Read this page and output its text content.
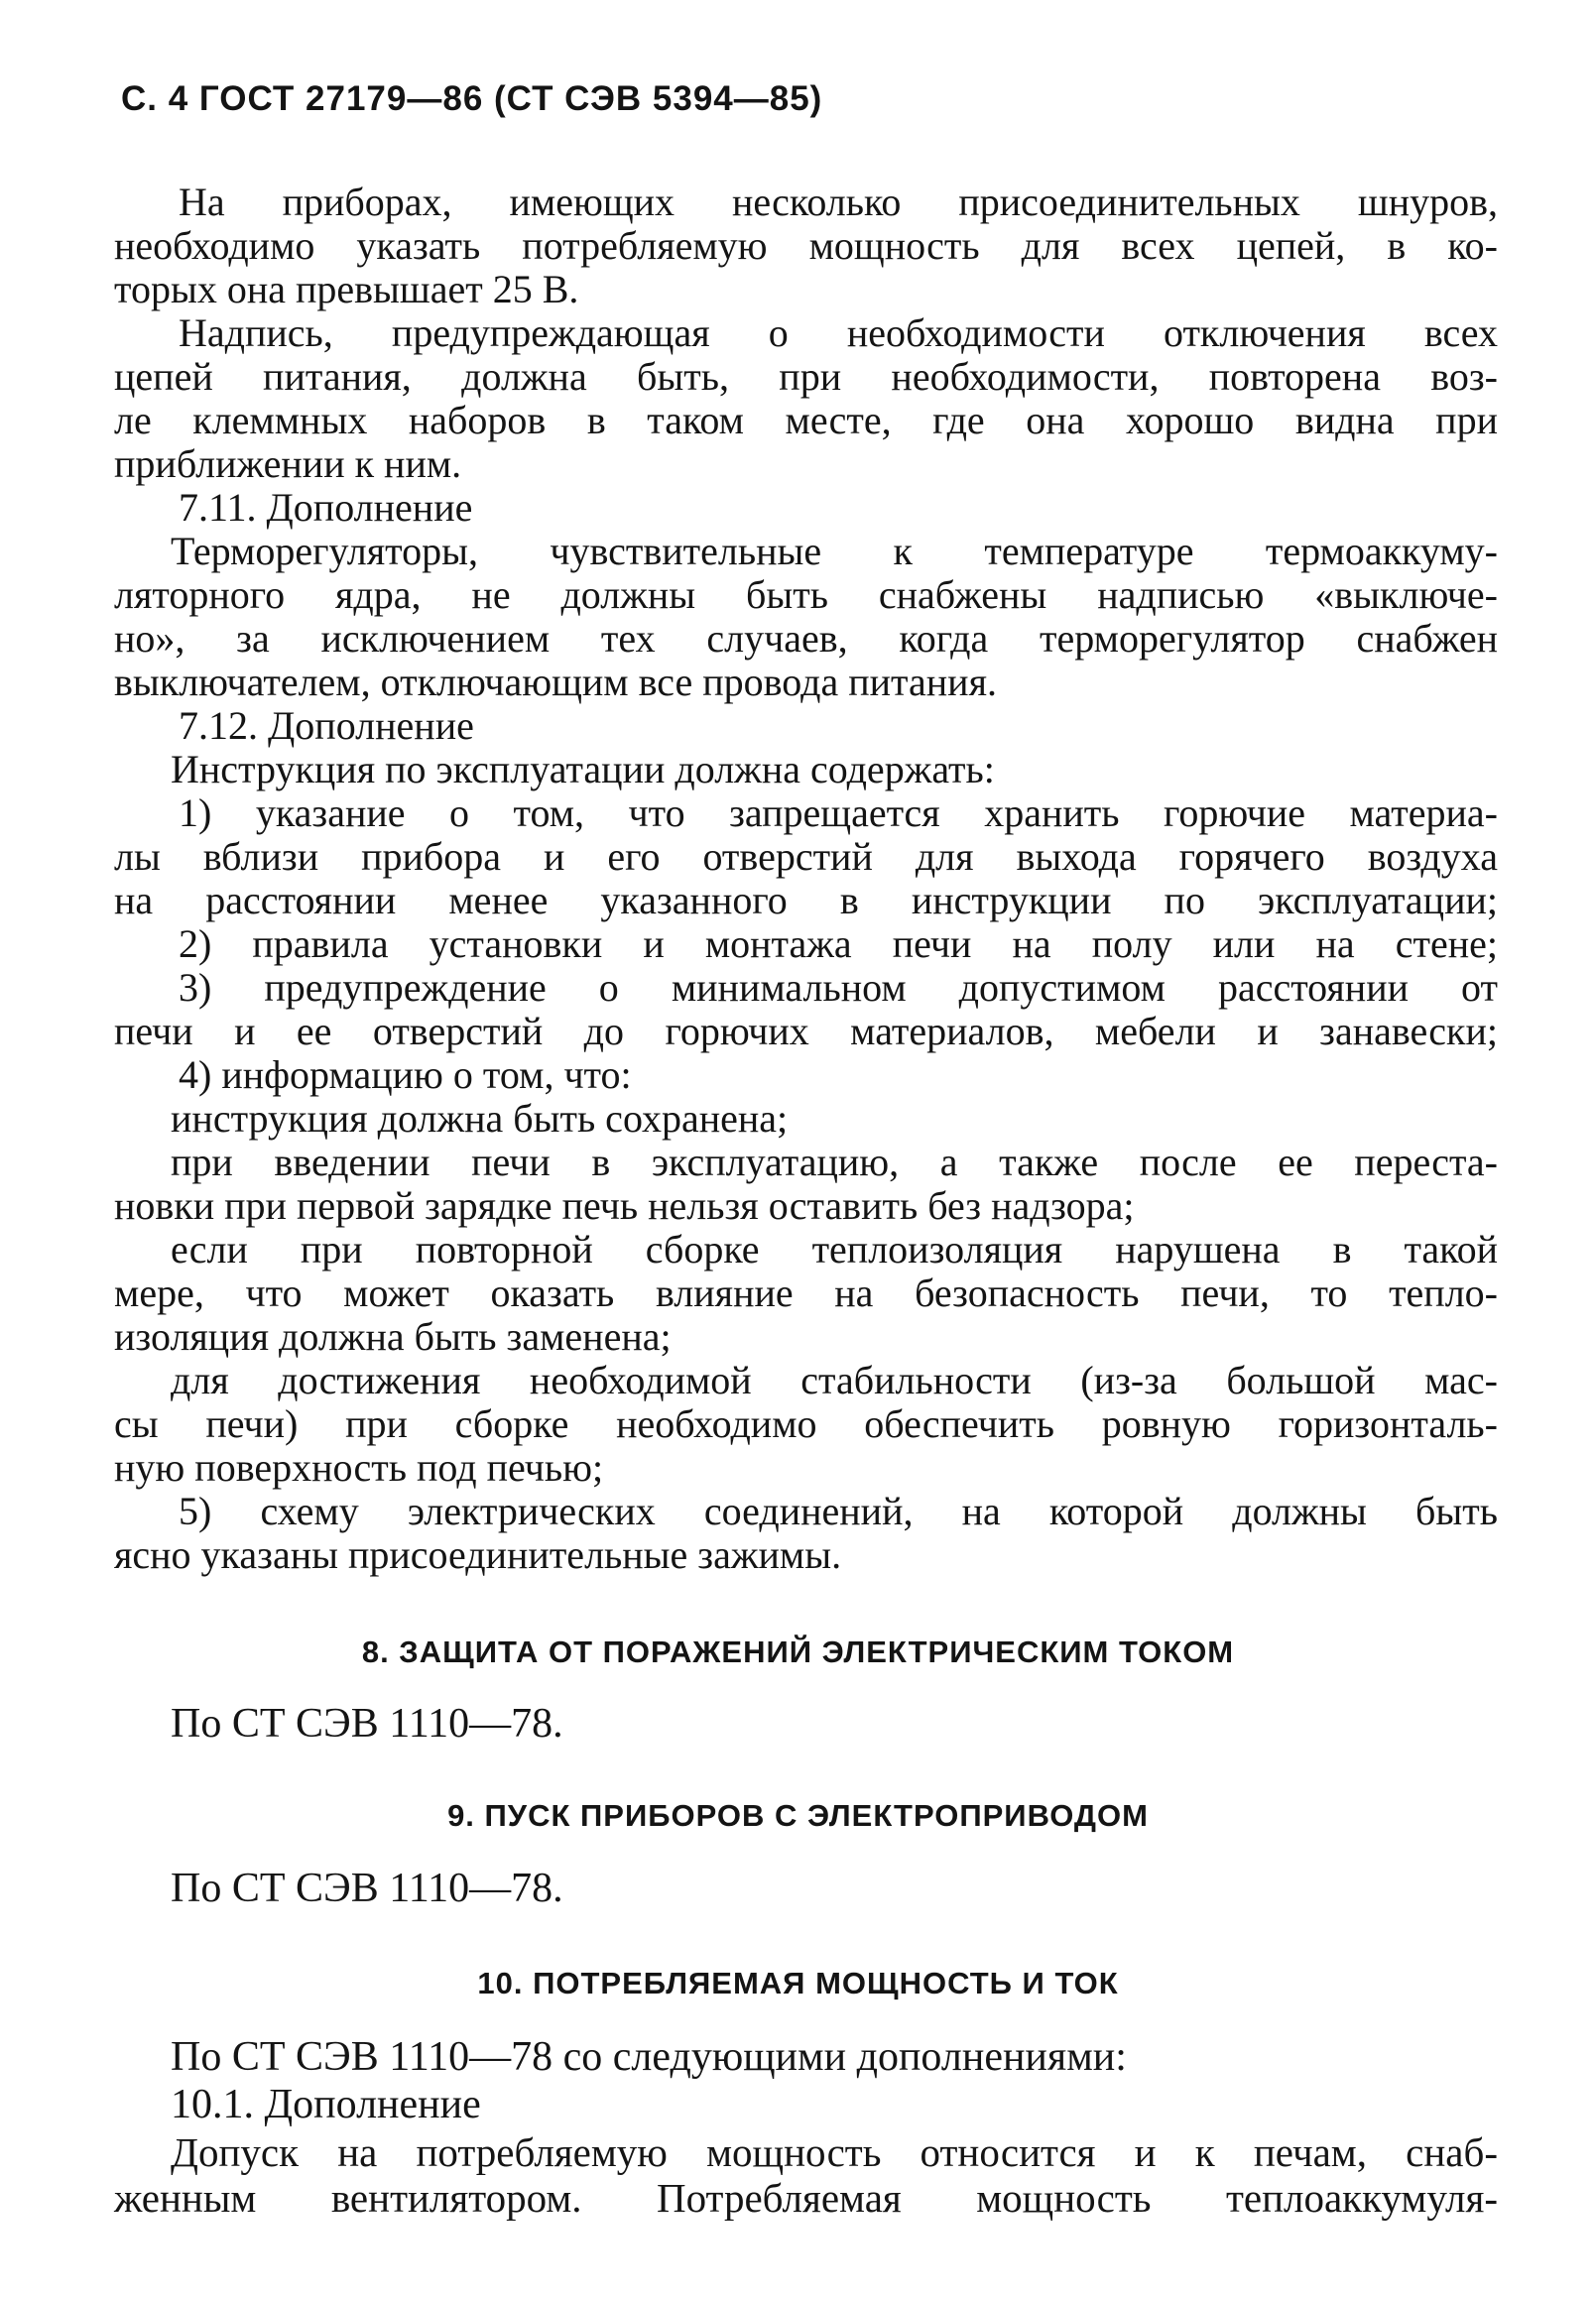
С. 4 ГОСТ 27179—86 (СТ СЭВ 5394—85)
На приборах, имеющих несколько присоединительных шнуров,
необходимо указать потребляемую мощность для всех цепей, в ко-
торых она превышает 25 В.
Надпись, предупреждающая о необходимости отключения всех
цепей питания, должна быть, при необходимости, повторена воз-
ле клеммных наборов в таком месте, где она хорошо видна при
приближении к ним.
7.11. Дополнение
Терморегуляторы, чувствительные к температуре термоаккуму-
ляторного ядра, не должны быть снабжены надписью «выключе-
но», за исключением тех случаев, когда терморегулятор снабжен
выключателем, отключающим все провода питания.
7.12. Дополнение
Инструкция по эксплуатации должна содержать:
1) указание о том, что запрещается хранить горючие материа-
лы вблизи прибора и его отверстий для выхода горячего воздуха
на расстоянии менее указанного в инструкции по эксплуатации;
2) правила установки и монтажа печи на полу или на стене;
3) предупреждение о минимальном допустимом расстоянии от
печи и ее отверстий до горючих материалов, мебели и занавески;
4) информацию о том, что:
инструкция должна быть сохранена;
при введении печи в эксплуатацию, а также после ее переста-
новки при первой зарядке печь нельзя оставить без надзора;
если при повторной сборке теплоизоляция нарушена в такой
мере, что может оказать влияние на безопасность печи, то тепло-
изоляция должна быть заменена;
для достижения необходимой стабильности (из-за большой мас-
сы печи) при сборке необходимо обеспечить ровную горизонталь-
ную поверхность под печью;
5) схему электрических соединений, на которой должны быть
ясно указаны присоединительные зажимы.
8. ЗАЩИТА ОТ ПОРАЖЕНИЙ ЭЛЕКТРИЧЕСКИМ ТОКОМ
По СТ СЭВ 1110—78.
9. ПУСК ПРИБОРОВ С ЭЛЕКТРОПРИВОДОМ
По СТ СЭВ 1110—78.
10. ПОТРЕБЛЯЕМАЯ МОЩНОСТЬ И ТОК
По СТ СЭВ 1110—78 со следующими дополнениями:
10.1. Дополнение
Допуск на потребляемую мощность относится и к печам, снаб-
женным вентилятором. Потребляемая мощность теплоаккумуля-
